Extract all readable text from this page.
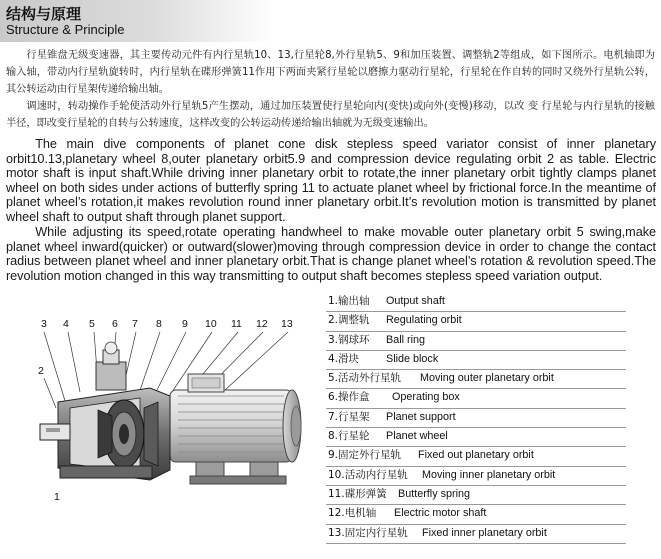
结构与原理
Structure & Principle

行星锥盘无级变速器，其主要传动元件有内行星轨10、13,行星轮8,外行星轨5、9和加压装置、调整轨2等组成，如下图所示。电机轴即为输入轴，带动内行星轨旋转时，内行星轨在碟形弹簧11作用下两面夹紧行星轮以磨擦力驱动行星轮，行星轮在作自转的同时又绕外行星轨公转，其公转运动由行星架传递给输出轴。

调速时，转动操作手轮使活动外行星轨5产生摆动，通过加压装置使行星轮向内(变快)或向外(变慢)移动，以改 变 行星轮与内行星轨的接触半径，即改变行星轮的自转与公转速度，这样改变的公转运动传递给输出轴就为无级变速输出。

The main dive components of planet cone disk stepless speed variator consist of inner planetary orbit10.13,planetary wheel 8,outer planetary orbit5.9 and compression device regulating orbit 2 as table. Electric motor shaft is input shaft.While driving inner planetary orbit to rotate,the inner planetary orbit tightly clamps planet wheel on both sides under actions of butterfly spring 11 to actuate planet wheel by frictional force.In the meantime of planet wheel’s rotation,it makes revolution round inner planetary orbit.It’s revolution motion is transmitted by planet wheel shaft to output shaft through planet support.

While adjusting its speed,rotate operating handwheel to make movable outer planetary orbit 5 swing,make planet wheel inward(quicker) or outward(slower)moving through compression device in order to change the contact radius between planet wheel and inner planetary orbit.That is change planet wheel’s rotation & revolution speed.The revolution motion changed in this way transmitting to output shaft becomes stepless speed variation output.

3 4 5 6 7 8 9 10 11 12 13
2
1
1.输出轴 Output shaft
2.调整轨 Regulating orbit
3.钢球环 Ball ring
4.滑块 Slide block
5.活动外行星轨 Moving outer planetary orbit
6.操作盒 Operating box
7.行星架 Planet support
8.行星轮 Planet wheel
9.固定外行星轨 Fixed out planetary orbit
10.活动内行星轨 Moving inner planetary orbit
11.碟形弹簧 Butterfly spring
12.电机轴 Electric motor shaft
13.固定内行星轨 Fixed inner planetary orbit
